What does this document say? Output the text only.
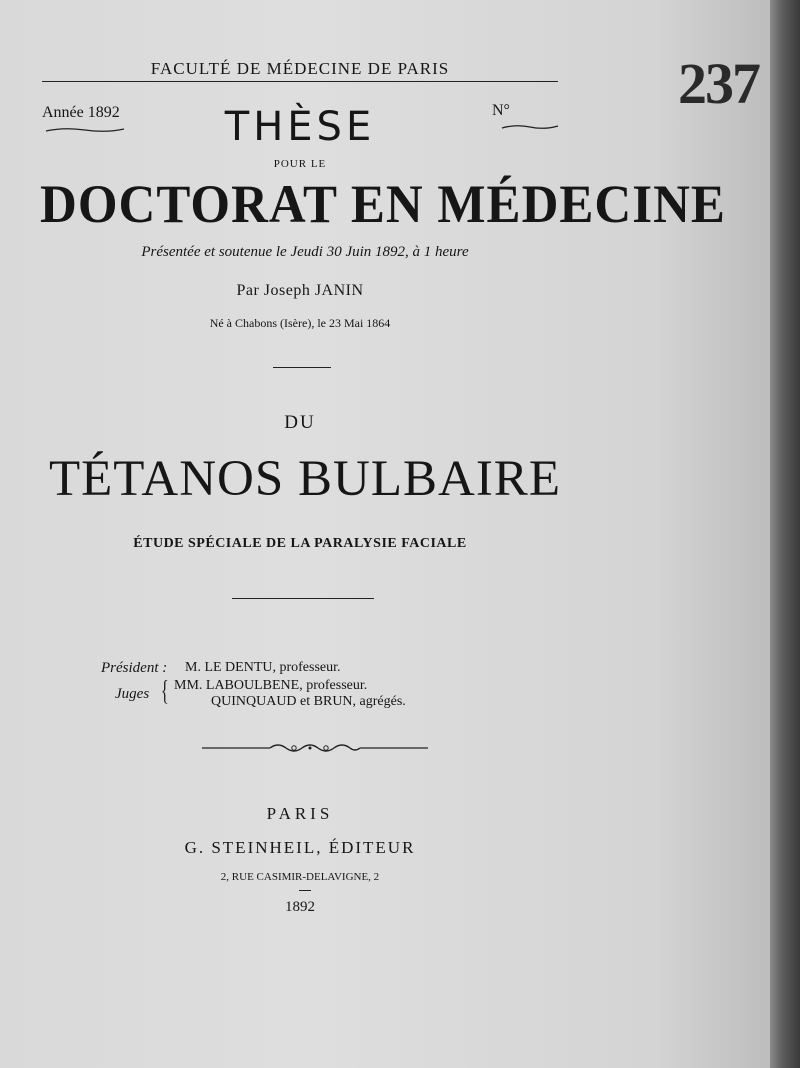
FACULTÉ DE MÉDECINE DE PARIS
Année 1892	N°	237
THÈSE
POUR LE
DOCTORAT EN MÉDECINE
Présentée et soutenue le Jeudi 30 Juin 1892, à 1 heure
Par Joseph JANIN
Né à Chabons (Isère), le 23 Mai 1864
DU
TÉTANOS BULBAIRE
ÉTUDE SPÉCIALE DE LA PARALYSIE FACIALE
Président : M. LE DENTU, professeur.
Juges { MM. LABOULBENE, professeur.
QUINQUAUD et BRUN, agrégés.
PARIS
G. STEINHEIL, ÉDITEUR
2, RUE CASIMIR-DELAVIGNE, 2
1892
